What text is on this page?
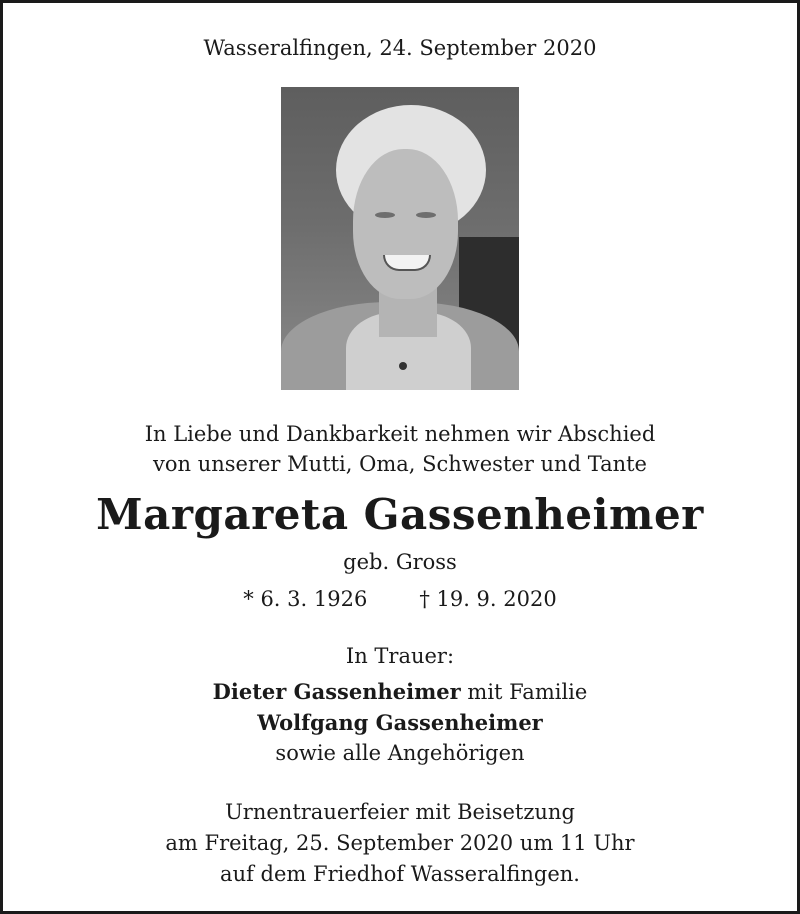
Wasseralfingen, 24. September 2020
In Liebe und Dankbarkeit nehmen wir Abschied
von unserer Mutti, Oma, Schwester und Tante
Margareta Gassenheimer
geb. Gross
* 6. 3. 1926 † 19. 9. 2020
In Trauer:
Dieter Gassenheimer mit Familie
Wolfgang Gassenheimer
sowie alle Angehörigen
Urnentrauerfeier mit Beisetzung
am Freitag, 25. September 2020 um 11 Uhr
auf dem Friedhof Wasseralfingen.
